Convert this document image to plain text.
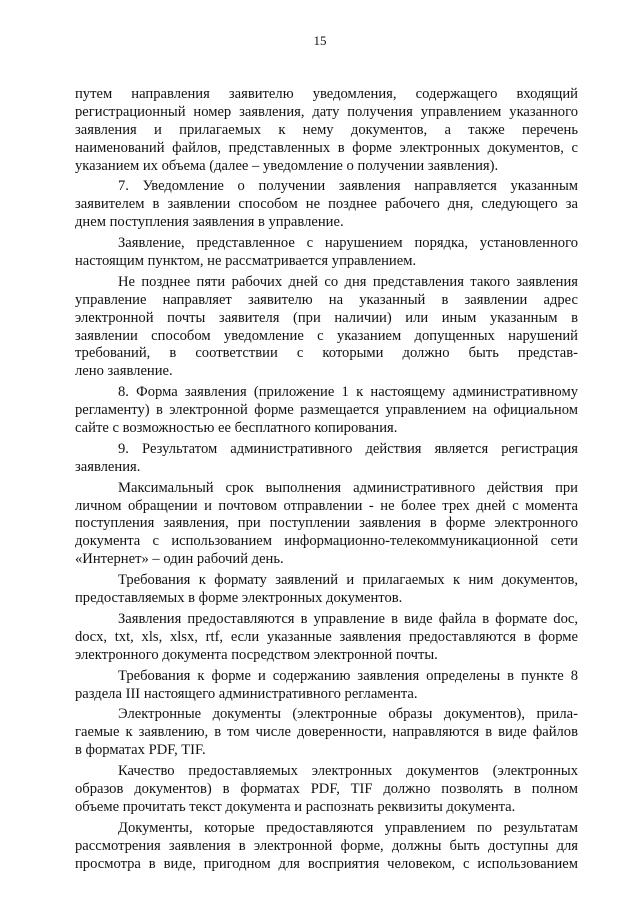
15
путем направления заявителю уведомления, содержащего входящий
регистрационный номер заявления, дату получения управлением указанного
заявления и прилагаемых к нему документов, а также перечень
наименований файлов, представленных в форме электронных документов, с
указанием их объема (далее – уведомление о получении заявления).
7. Уведомление о получении заявления направляется указанным
заявителем в заявлении способом не позднее рабочего дня, следующего за
днем поступления заявления в управление.
Заявление, представленное с нарушением порядка, установленного
настоящим пунктом, не рассматривается управлением.
Не позднее пяти рабочих дней со дня представления такого заявления
управление направляет заявителю на указанный в заявлении адрес
электронной почты заявителя (при наличии) или иным указанным в
заявлении способом уведомление с указанием допущенных нарушений
требований, в соответствии с которыми должно быть представ-
лено заявление.
8. Форма заявления (приложение 1 к настоящему административному
регламенту) в электронной форме размещается управлением на официальном
сайте с возможностью ее бесплатного копирования.
9. Результатом административного действия является регистрация
заявления.
Максимальный срок выполнения административного действия при
личном обращении и почтовом отправлении - не более трех дней с момента
поступления заявления, при поступлении заявления в форме электронного
документа с использованием информационно-телекоммуникационной сети
«Интернет» – один рабочий день.
Требования к формату заявлений и прилагаемых к ним документов,
предоставляемых в форме электронных документов.
Заявления предоставляются в управление в виде файла в формате doc,
docx, txt, xls, xlsx, rtf, если указанные заявления предоставляются в форме
электронного документа посредством электронной почты.
Требования к форме и содержанию заявления определены в пункте 8
раздела III настоящего административного регламента.
Электронные документы (электронные образы документов), прила-
гаемые к заявлению, в том числе доверенности, направляются в виде файлов
в форматах PDF, TIF.
Качество предоставляемых электронных документов (электронных
образов документов) в форматах PDF, TIF должно позволять в полном
объеме прочитать текст документа и распознать реквизиты документа.
Документы, которые предоставляются управлением по результатам
рассмотрения заявления в электронной форме, должны быть доступны для
просмотра в виде, пригодном для восприятия человеком, с использованием
